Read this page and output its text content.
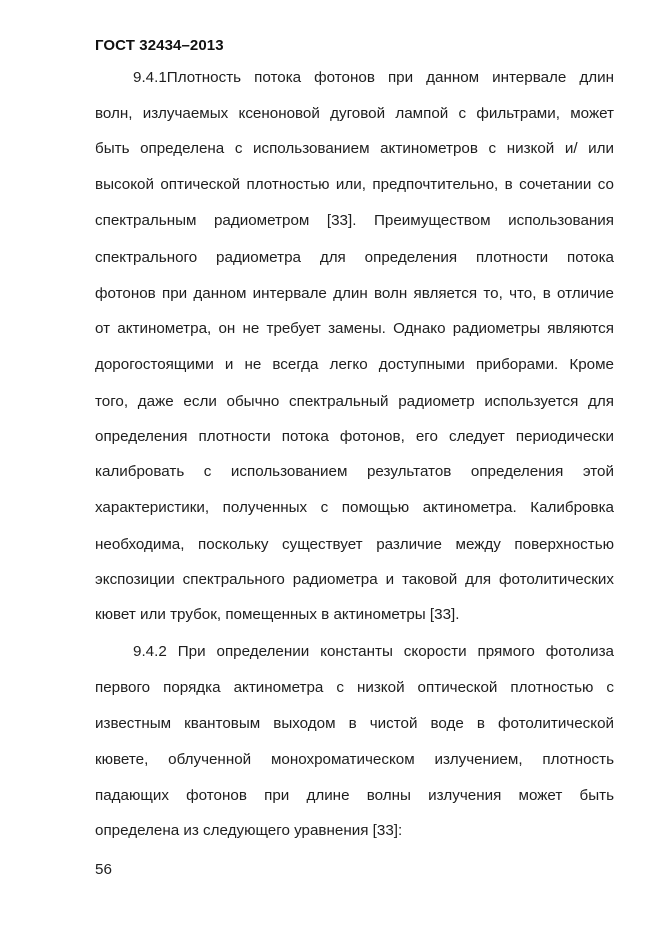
ГОСТ 32434–2013
9.4.1Плотность потока фотонов при данном интервале длин
волн, излучаемых ксеноновой дуговой лампой с фильтрами, может
быть определена с использованием актинометров с низкой и/ или
высокой оптической плотностью или, предпочтительно, в сочетании со
спектральным радиометром [33]. Преимуществом использования
спектрального радиометра для определения плотности потока
фотонов при данном интервале длин волн является то, что, в отличие
от актинометра, он не требует замены. Однако радиометры являются
дорогостоящими и не всегда легко доступными приборами. Кроме
того, даже если обычно спектральный радиометр используется для
определения плотности потока фотонов, его следует периодически
калибровать с использованием результатов определения этой
характеристики, полученных с помощью актинометра. Калибровка
необходима, поскольку существует различие между поверхностью
экспозиции спектрального радиометра и таковой для фотолитических
кювет или трубок, помещенных в актинометры [33].
9.4.2 При определении константы скорости прямого фотолиза
первого порядка актинометра с низкой оптической плотностью с
известным квантовым выходом в чистой воде в фотолитической
кювете, облученной монохроматическом излучением, плотность
падающих фотонов при длине волны излучения может быть
определена из следующего уравнения [33]:
56
